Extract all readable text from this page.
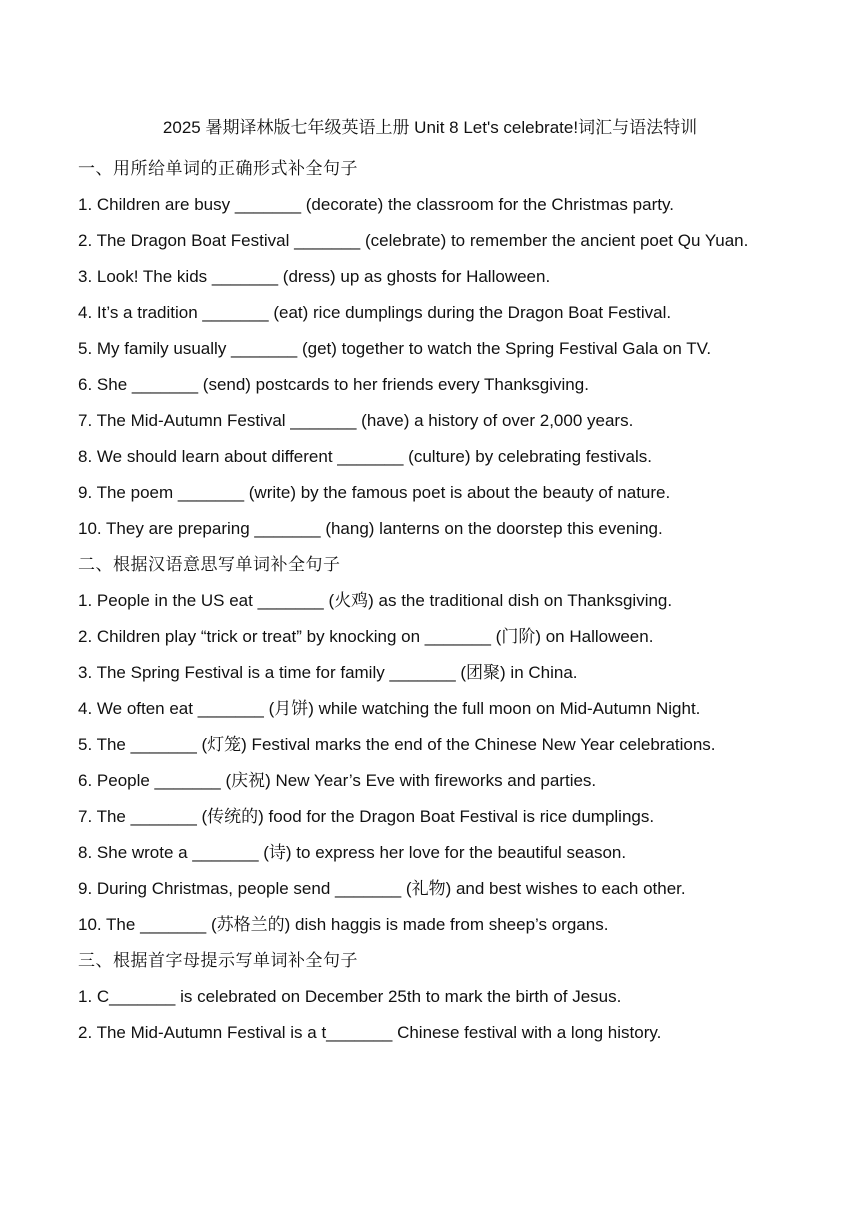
2025 暑期译林版七年级英语上册 Unit 8 Let's celebrate!词汇与语法特训
一、用所给单词的正确形式补全句子
1. Children are busy _______ (decorate) the classroom for the Christmas party.
2. The Dragon Boat Festival _______ (celebrate) to remember the ancient poet Qu Yuan.
3. Look! The kids _______ (dress) up as ghosts for Halloween.
4. It’s a tradition _______ (eat) rice dumplings during the Dragon Boat Festival.
5. My family usually _______ (get) together to watch the Spring Festival Gala on TV.
6. She _______ (send) postcards to her friends every Thanksgiving.
7. The Mid-Autumn Festival _______ (have) a history of over 2,000 years.
8. We should learn about different _______ (culture) by celebrating festivals.
9. The poem _______ (write) by the famous poet is about the beauty of nature.
10. They are preparing _______ (hang) lanterns on the doorstep this evening.
二、根据汉语意思写单词补全句子
1. People in the US eat _______ (火鸡) as the traditional dish on Thanksgiving.
2. Children play “trick or treat” by knocking on _______ (门阶) on Halloween.
3. The Spring Festival is a time for family _______ (团聚) in China.
4. We often eat _______ (月饼) while watching the full moon on Mid-Autumn Night.
5. The _______ (灯笼) Festival marks the end of the Chinese New Year celebrations.
6. People _______ (庆祝) New Year’s Eve with fireworks and parties.
7. The _______ (传统的) food for the Dragon Boat Festival is rice dumplings.
8. She wrote a _______ (诗) to express her love for the beautiful season.
9. During Christmas, people send _______ (礼物) and best wishes to each other.
10. The _______ (苏格兰的) dish haggis is made from sheep’s organs.
三、根据首字母提示写单词补全句子
1. C_______ is celebrated on December 25th to mark the birth of Jesus.
2. The Mid-Autumn Festival is a t_______ Chinese festival with a long history.
